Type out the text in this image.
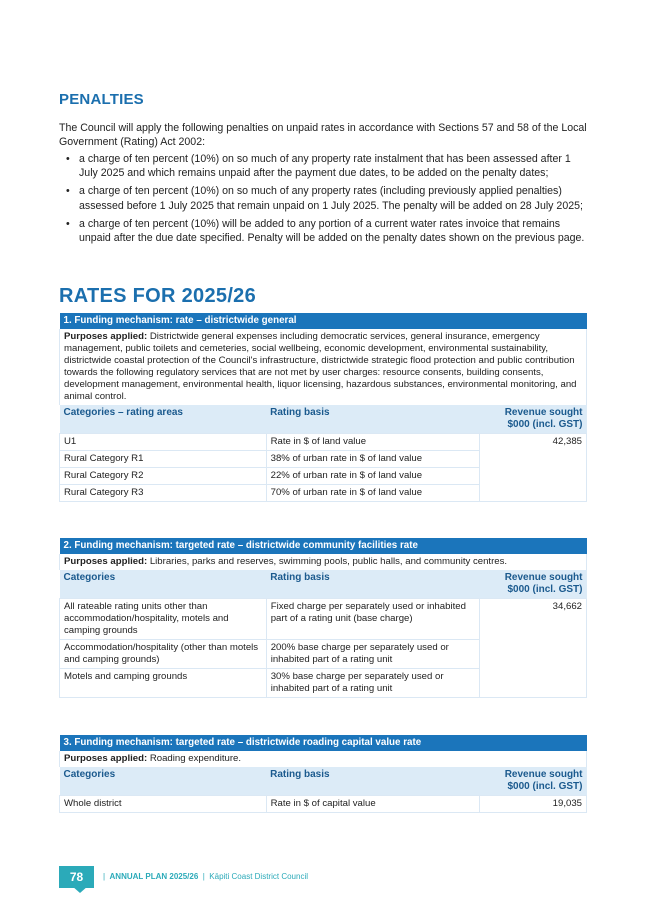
PENALTIES
The Council will apply the following penalties on unpaid rates in accordance with Sections 57 and 58 of the Local Government (Rating) Act 2002:
• a charge of ten percent (10%) on so much of any property rate instalment that has been assessed after 1 July 2025 and which remains unpaid after the payment due dates, to be added on the penalty dates;
• a charge of ten percent (10%) on so much of any property rates (including previously applied penalties) assessed before 1 July 2025 that remain unpaid on 1 July 2025. The penalty will be added on 28 July 2025;
• a charge of ten percent (10%) will be added to any portion of a current water rates invoice that remains unpaid after the due date specified. Penalty will be added on the penalty dates shown on the previous page.
RATES FOR 2025/26
1. Funding mechanism: rate – districtwide general		
Purposes applied: Districtwide general expenses including democratic services, general insurance, emergency management, public toilets and cemeteries, social wellbeing, economic development, environmental sustainability, districtwide coastal protection of the Council's infrastructure, districtwide strategic flood protection and public contribution towards the following regulatory services that are not met by user charges: resource consents, building consents, development management, environmental health, liquor licensing, hazardous substances, environmental monitoring, and animal control.		
Categories – rating areas	Rating basis	Revenue sought $000 (incl. GST)
U1	Rate in $ of land value	42,385
Rural Category R1	38% of urban rate in $ of land value	
Rural Category R2	22% of urban rate in $ of land value	
Rural Category R3	70% of urban rate in $ of land value	
2. Funding mechanism: targeted rate – districtwide community facilities rate		
Purposes applied: Libraries, parks and reserves, swimming pools, public halls, and community centres.		
Categories	Rating basis	Revenue sought $000 (incl. GST)
All rateable rating units other than accommodation/hospitality, motels and camping grounds	Fixed charge per separately used or inhabited part of a rating unit (base charge)	34,662
Accommodation/hospitality (other than motels and camping grounds)	200% base charge per separately used or inhabited part of a rating unit	
Motels and camping grounds	30% base charge per separately used or inhabited part of a rating unit	
3. Funding mechanism: targeted rate – districtwide roading capital value rate		
Purposes applied: Roading expenditure.		
Categories	Rating basis	Revenue sought $000 (incl. GST)
Whole district	Rate in $ of capital value	19,035
78	| ANNUAL PLAN 2025/26 | Kāpiti Coast District Council
